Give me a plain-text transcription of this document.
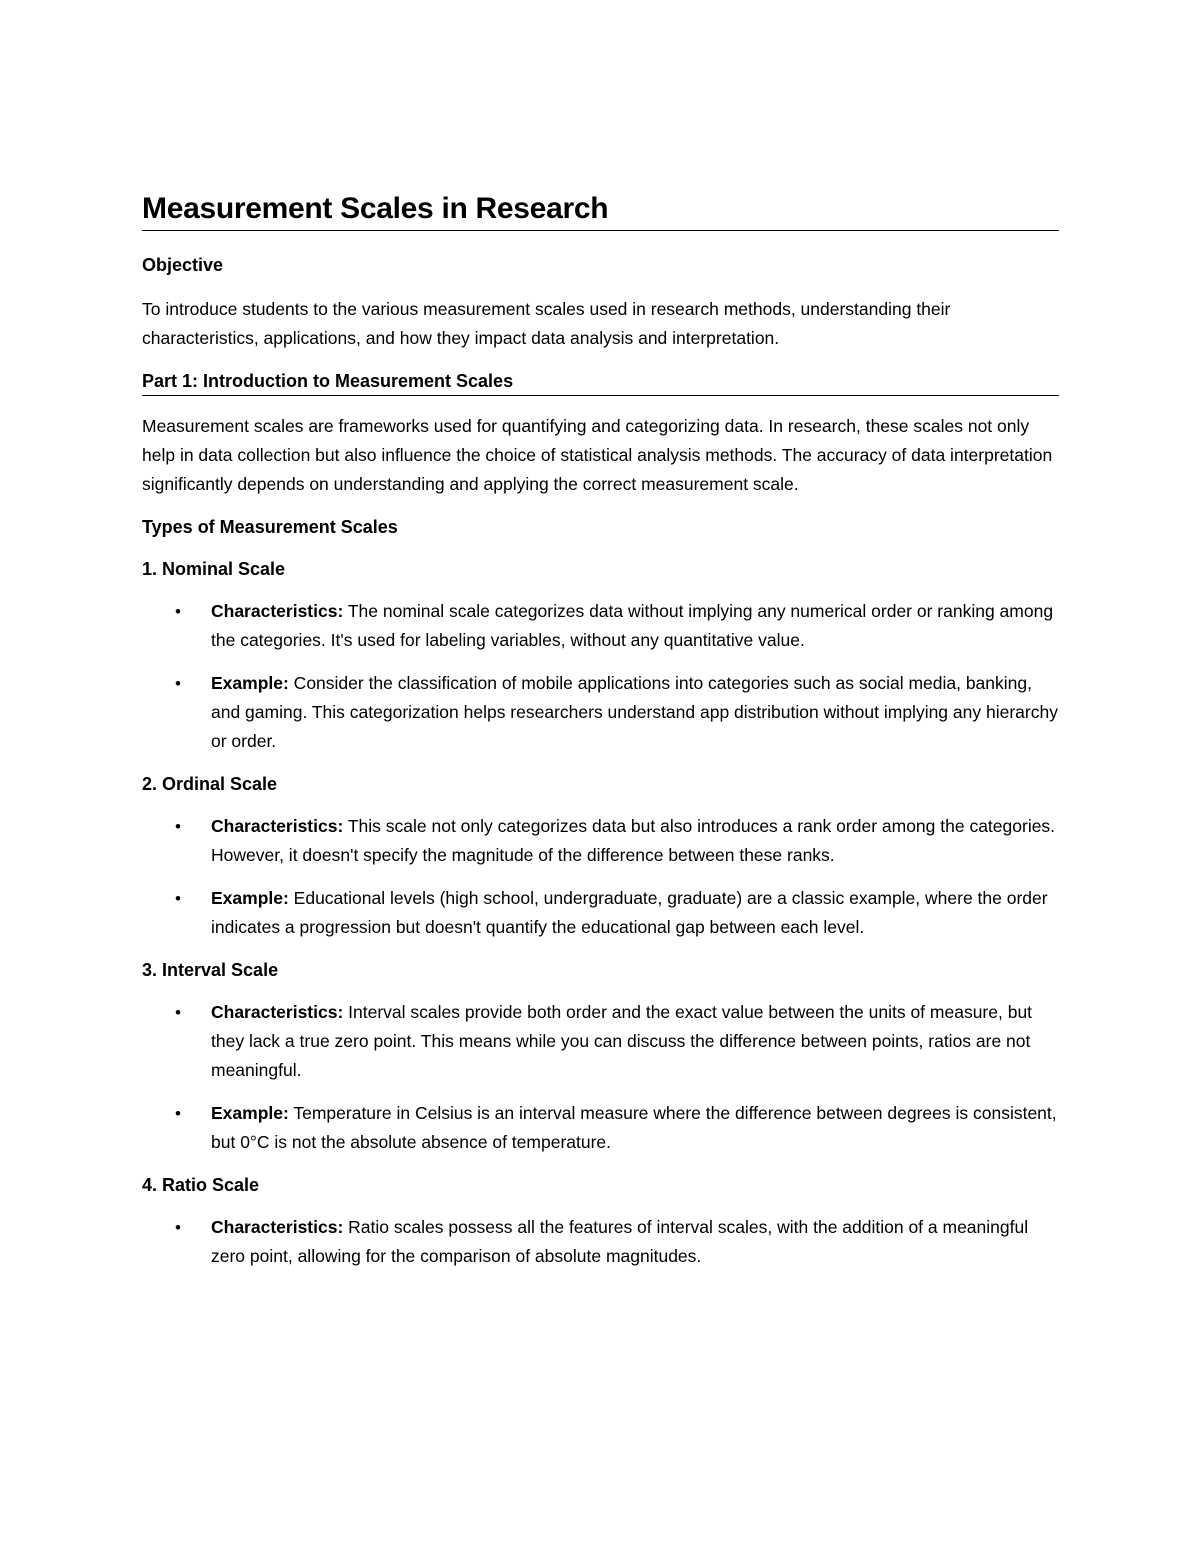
Measurement Scales in Research
Objective

To introduce students to the various measurement scales used in research methods, understanding their characteristics, applications, and how they impact data analysis and interpretation.

Part 1: Introduction to Measurement Scales

Measurement scales are frameworks used for quantifying and categorizing data. In research, these scales not only help in data collection but also influence the choice of statistical analysis methods. The accuracy of data interpretation significantly depends on understanding and applying the correct measurement scale.

Types of Measurement Scales
1. Nominal Scale
• Characteristics: The nominal scale categorizes data without implying any numerical order or ranking among the categories. It's used for labeling variables, without any quantitative value.
• Example: Consider the classification of mobile applications into categories such as social media, banking, and gaming. This categorization helps researchers understand app distribution without implying any hierarchy or order.
2. Ordinal Scale
• Characteristics: This scale not only categorizes data but also introduces a rank order among the categories. However, it doesn't specify the magnitude of the difference between these ranks.
• Example: Educational levels (high school, undergraduate, graduate) are a classic example, where the order indicates a progression but doesn't quantify the educational gap between each level.
3. Interval Scale
• Characteristics: Interval scales provide both order and the exact value between the units of measure, but they lack a true zero point. This means while you can discuss the difference between points, ratios are not meaningful.
• Example: Temperature in Celsius is an interval measure where the difference between degrees is consistent, but 0°C is not the absolute absence of temperature.
4. Ratio Scale
• Characteristics: Ratio scales possess all the features of interval scales, with the addition of a meaningful zero point, allowing for the comparison of absolute magnitudes.
